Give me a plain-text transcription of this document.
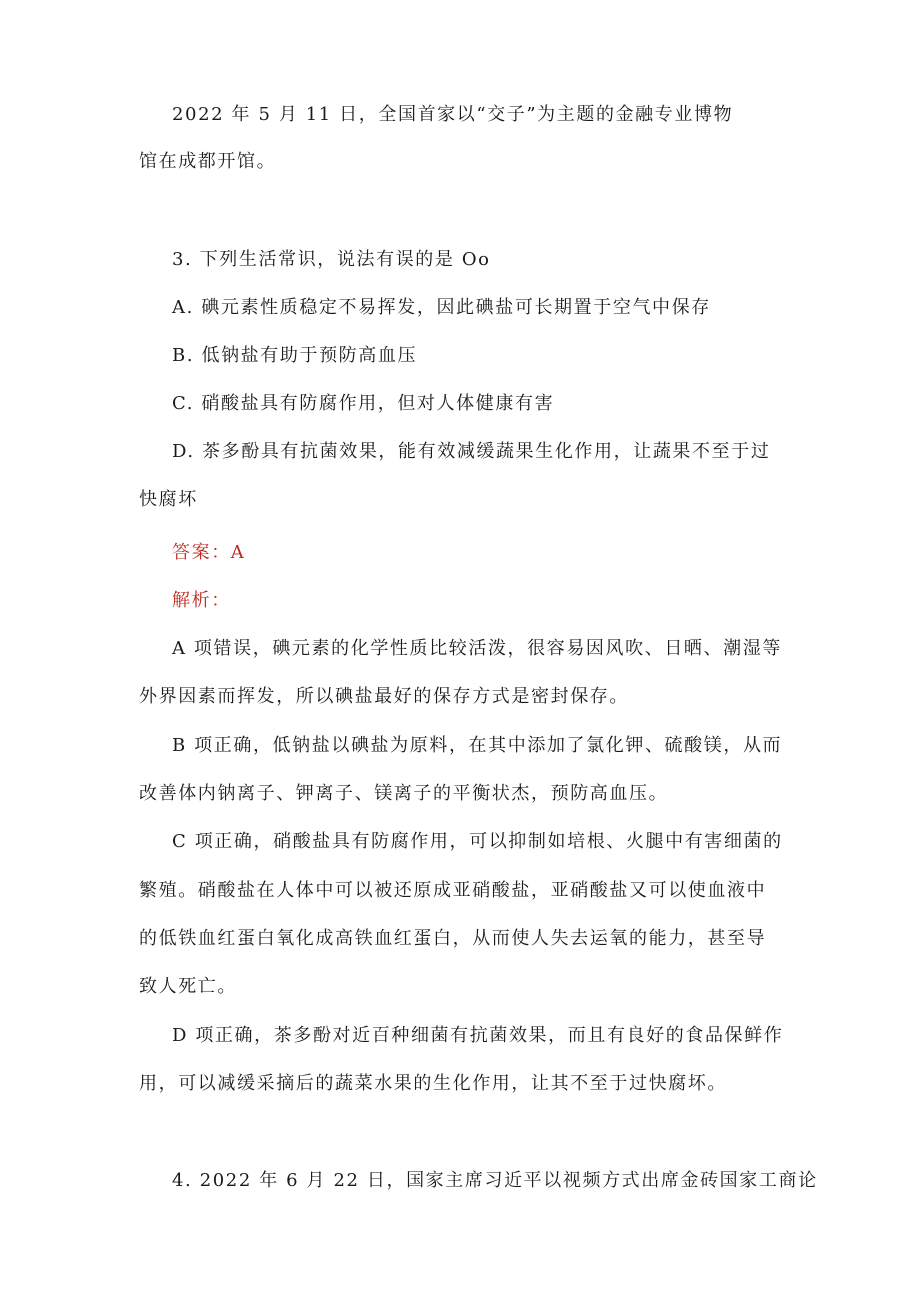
2022 年 5 月 11 日，全国首家以“交子”为主题的金融专业博物
馆在成都开馆。
3. 下列生活常识，说法有误的是 Oo
A. 碘元素性质稳定不易挥发，因此碘盐可长期置于空气中保存
B. 低钠盐有助于预防高血压
C. 硝酸盐具有防腐作用，但对人体健康有害
D. 茶多酚具有抗菌效果，能有效减缓蔬果生化作用，让蔬果不至于过
快腐坏
答案：A
解析：
A 项错误，碘元素的化学性质比较活泼，很容易因风吹、日晒、潮湿等
外界因素而挥发，所以碘盐最好的保存方式是密封保存。
B 项正确，低钠盐以碘盐为原料，在其中添加了氯化钾、硫酸镁，从而
改善体内钠离子、钾离子、镁离子的平衡状杰，预防高血压。
C 项正确，硝酸盐具有防腐作用，可以抑制如培根、火腿中有害细菌的
繁殖。硝酸盐在人体中可以被还原成亚硝酸盐，亚硝酸盐又可以使血液中
的低铁血红蛋白氧化成高铁血红蛋白，从而使人失去运氧的能力，甚至导
致人死亡。
D 项正确，茶多酚对近百种细菌有抗菌效果，而且有良好的食品保鲜作
用，可以减缓采摘后的蔬菜水果的生化作用，让其不至于过快腐坏。
4. 2022 年 6 月 22 日，国家主席习近平以视频方式出席金砖国家工商论
